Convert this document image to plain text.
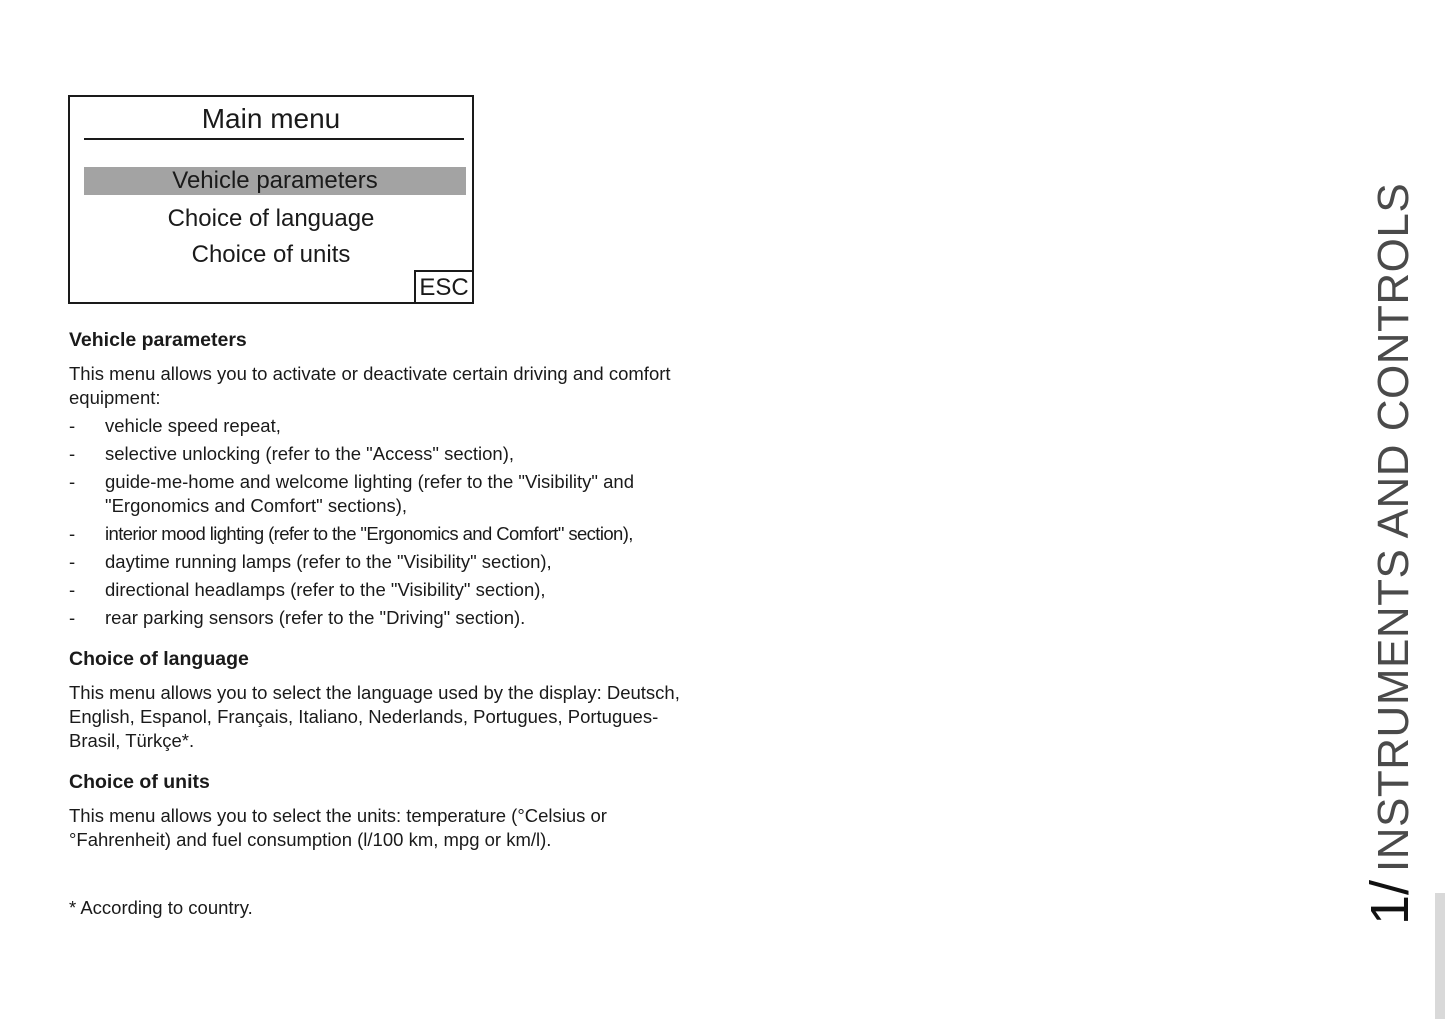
Main menu
Vehicle parameters
Choice of language
Choice of units
ESC
Vehicle parameters

This menu allows you to activate or deactivate certain driving and comfort equipment:

- vehicle speed repeat,
- selective unlocking (refer to the "Access" section),
- guide-me-home and welcome lighting (refer to the "Visibility" and "Ergonomics and Comfort" sections),
- interior mood lighting (refer to the "Ergonomics and Comfort" section),
- daytime running lamps (refer to the "Visibility" section),
- directional headlamps (refer to the "Visibility" section),
- rear parking sensors (refer to the "Driving" section).
Choice of language

This menu allows you to select the language used by the display: Deutsch, English, Espanol, Français, Italiano, Nederlands, Portugues, Portugues-Brasil, Türkçe*.

Choice of units

This menu allows you to select the units: temperature (°Celsius or °Fahrenheit) and fuel consumption (l/100 km, mpg or km/l).

* According to country.	1/
INSTRUMENTS AND CONTROLS
